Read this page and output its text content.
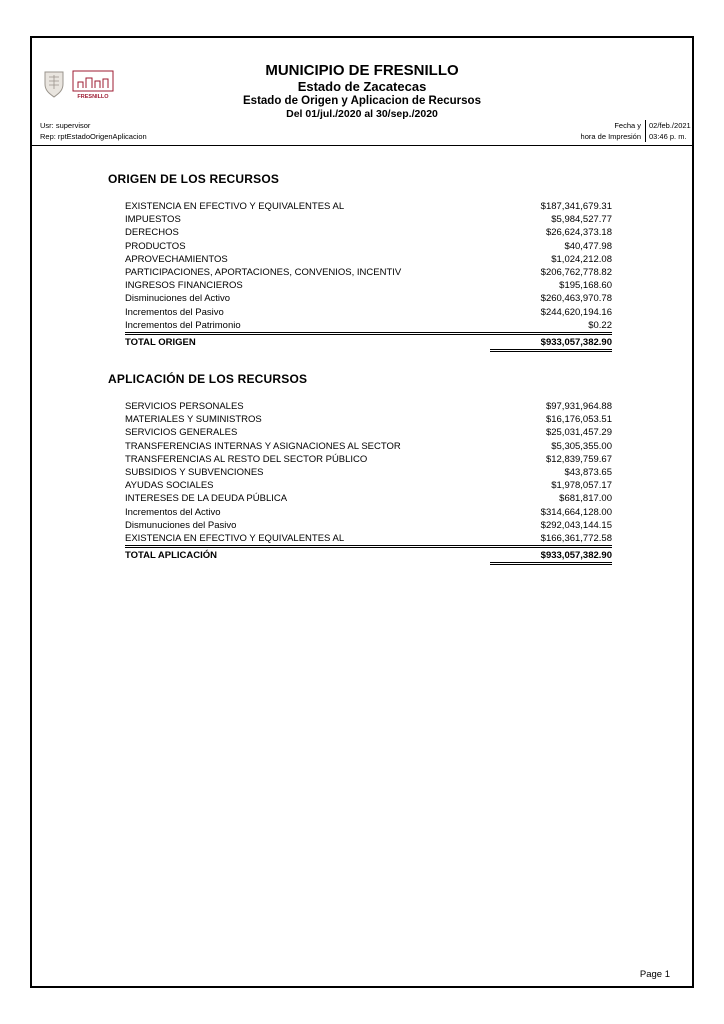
FRESNILLO
MUNICIPIO DE FRESNILLO
Estado de Zacatecas
Estado de Origen y Aplicacion de Recursos
Del 01/jul./2020 al 30/sep./2020
Usr: supervisor
Rep: rptEstadoOrigenAplicacion
Fecha y	02/feb./2021
hora de Impresión	03:46 p. m.
ORIGEN DE LOS RECURSOS
EXISTENCIA EN EFECTIVO Y EQUIVALENTES AL	$187,341,679.31
IMPUESTOS	$5,984,527.77
DERECHOS	$26,624,373.18
PRODUCTOS	$40,477.98
APROVECHAMIENTOS	$1,024,212.08
PARTICIPACIONES, APORTACIONES, CONVENIOS, INCENTIV	$206,762,778.82
INGRESOS FINANCIEROS	$195,168.60
Disminuciones del Activo	$260,463,970.78
Incrementos del Pasivo	$244,620,194.16
Incrementos del Patrimonio	$0.22
TOTAL ORIGEN	$933,057,382.90
APLICACIÓN DE LOS RECURSOS
SERVICIOS PERSONALES	$97,931,964.88
MATERIALES Y SUMINISTROS	$16,176,053.51
SERVICIOS GENERALES	$25,031,457.29
TRANSFERENCIAS INTERNAS Y ASIGNACIONES AL SECTOR	$5,305,355.00
TRANSFERENCIAS AL RESTO DEL SECTOR PÚBLICO	$12,839,759.67
SUBSIDIOS Y SUBVENCIONES	$43,873.65
AYUDAS SOCIALES	$1,978,057.17
INTERESES DE LA DEUDA PÚBLICA	$681,817.00
Incrementos del Activo	$314,664,128.00
Dismunuciones del Pasivo	$292,043,144.15
EXISTENCIA EN EFECTIVO Y EQUIVALENTES AL	$166,361,772.58
TOTAL APLICACIÓN	$933,057,382.90
Page 1
